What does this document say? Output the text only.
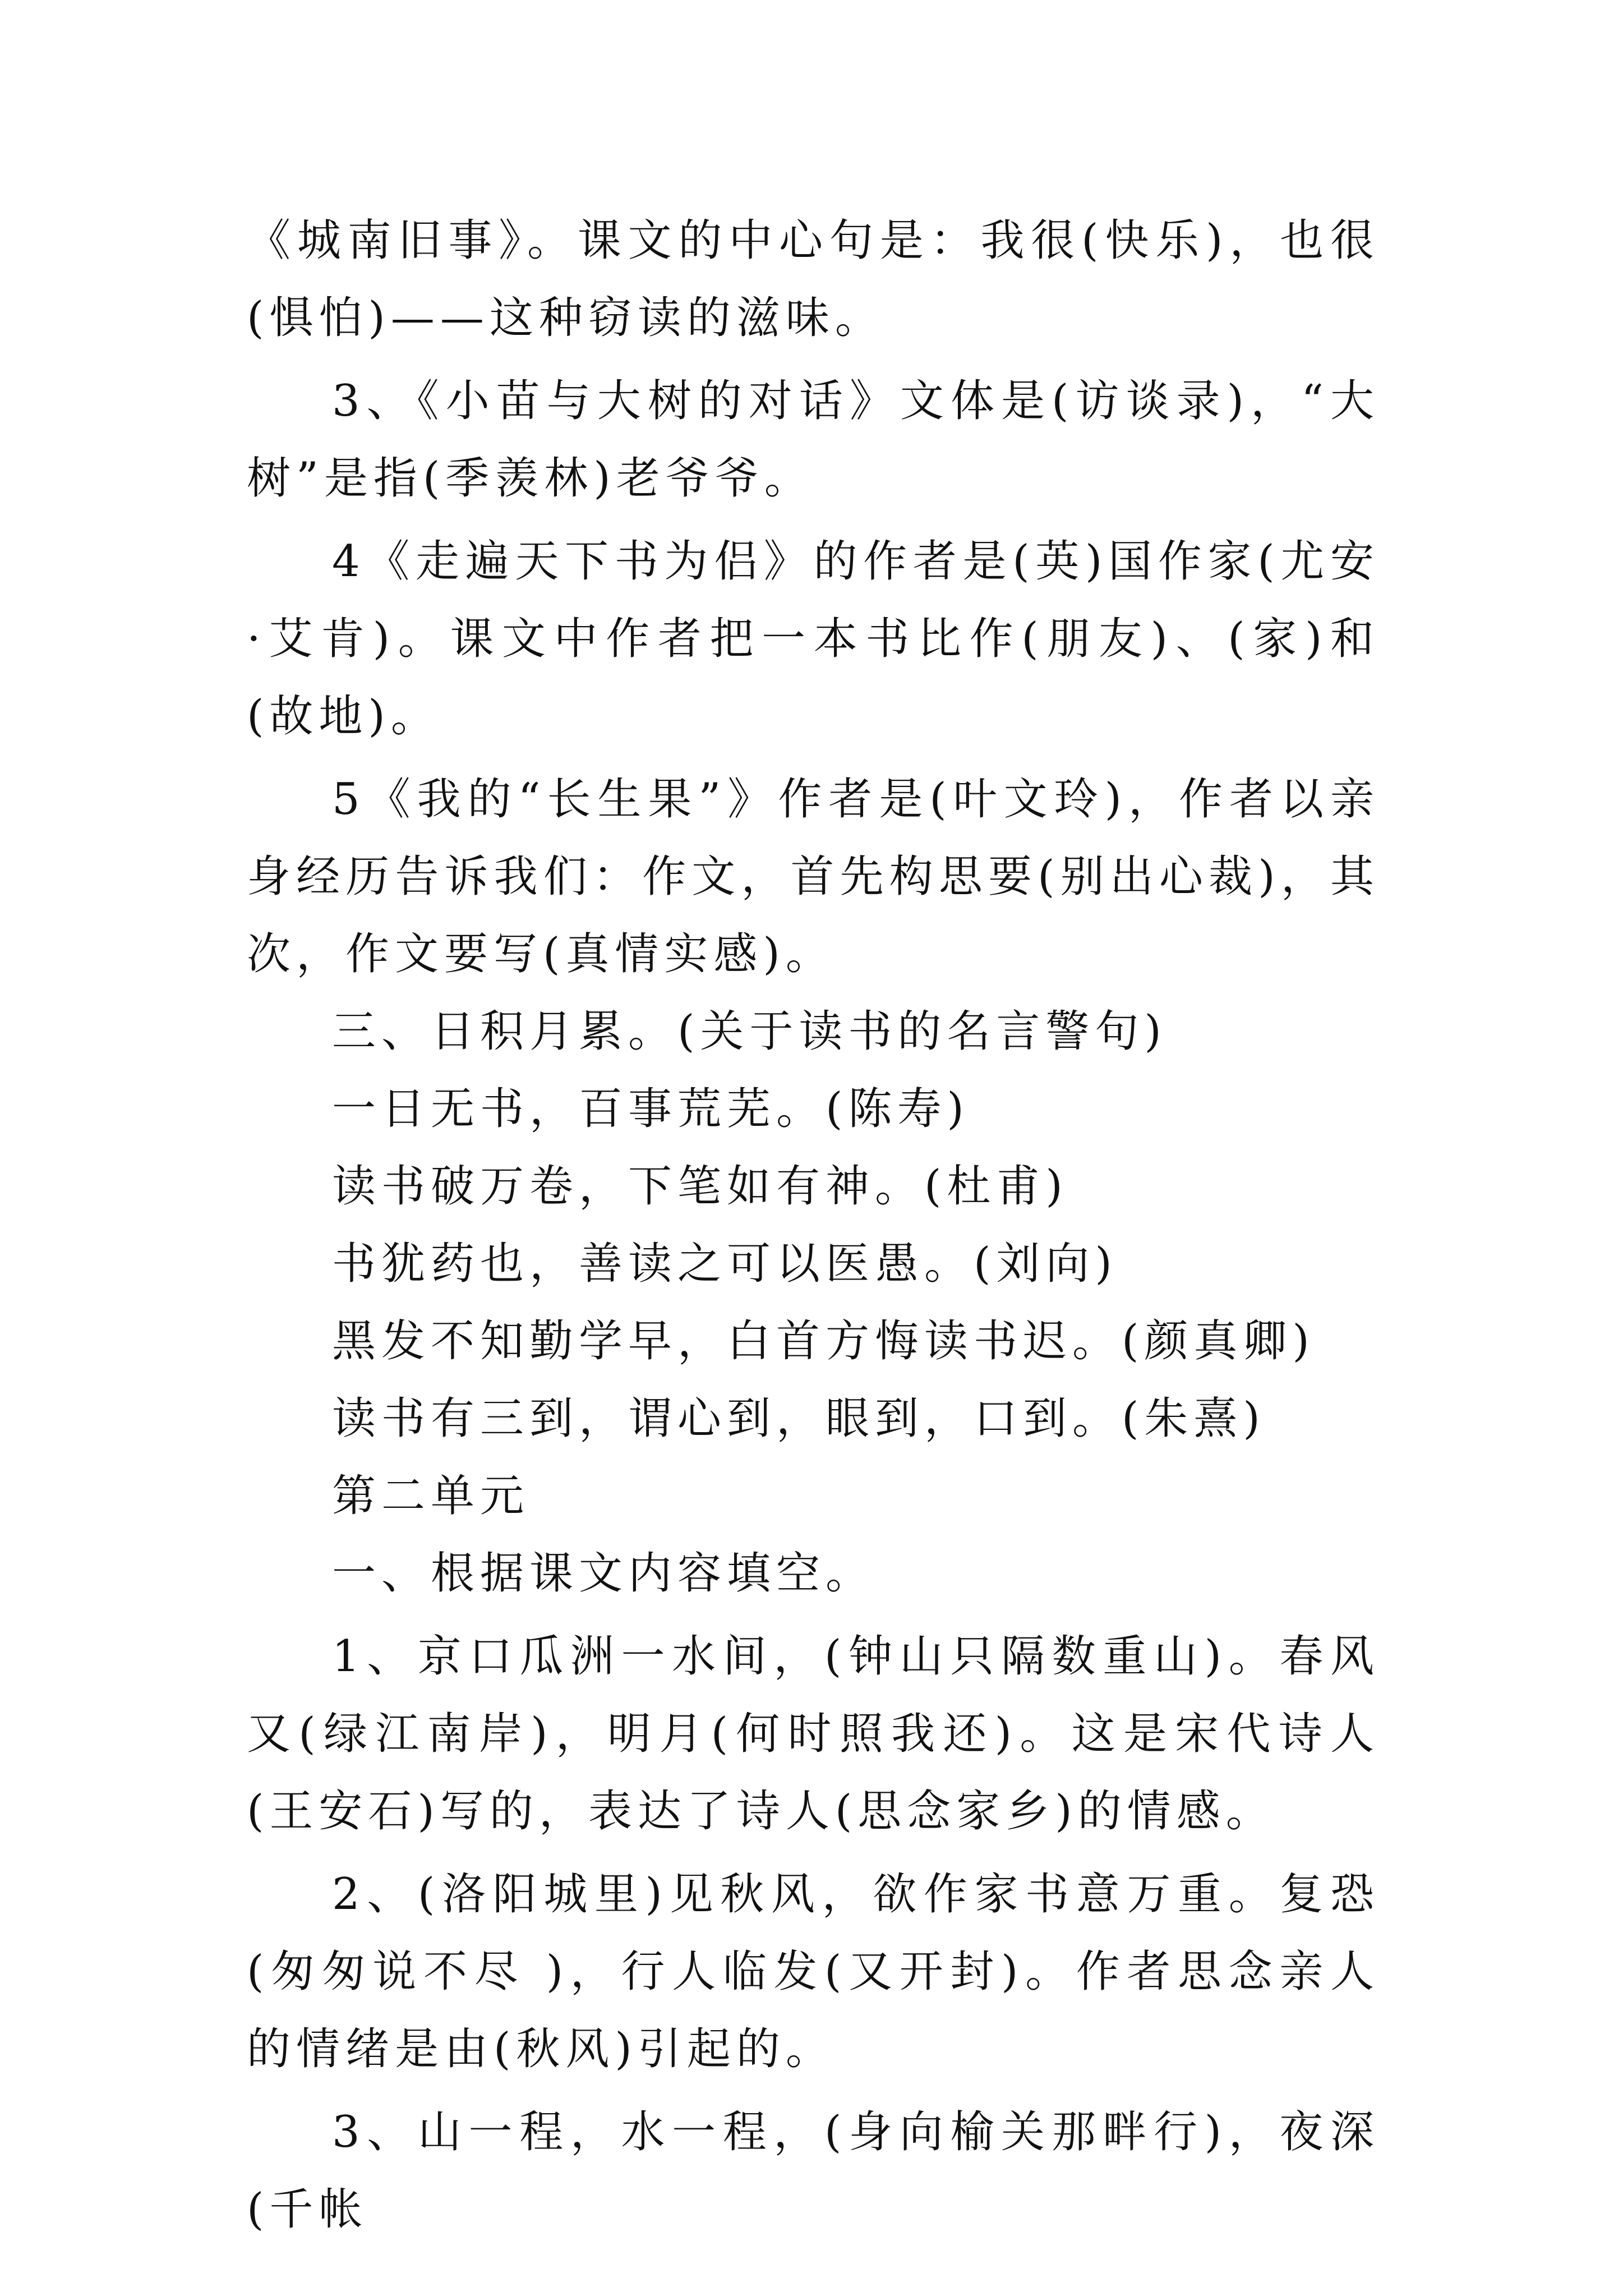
《城南旧事》。课文的中心句是：我很(快乐)，也很(惧怕)——这种窃读的滋味。

3、《小苗与大树的对话》文体是(访谈录)，“大树”是指(季羡林)老爷爷。

4《走遍天下书为侣》的作者是(英)国作家(尤安·艾肯)。课文中作者把一本书比作(朋友)、(家)和(故地)。

5《我的“长生果”》作者是(叶文玲)，作者以亲身经历告诉我们：作文，首先构思要(别出心裁)，其次，作文要写(真情实感)。

三、日积月累。(关于读书的名言警句)

一日无书，百事荒芜。(陈寿)

读书破万卷，下笔如有神。(杜甫)

书犹药也，善读之可以医愚。(刘向)

黑发不知勤学早，白首方悔读书迟。(颜真卿)

读书有三到，谓心到，眼到，口到。(朱熹)

第二单元

一、根据课文内容填空。

1、京口瓜洲一水间，(钟山只隔数重山)。春风又(绿江南岸)，明月(何时照我还)。这是宋代诗人(王安石)写的，表达了诗人(思念家乡)的情感。

2、(洛阳城里)见秋风，欲作家书意万重。复恐(匆匆说不尽 )，行人临发(又开封)。作者思念亲人的情绪是由(秋风)引起的。

3、山一程，水一程，(身向榆关那畔行)，夜深(千帐
